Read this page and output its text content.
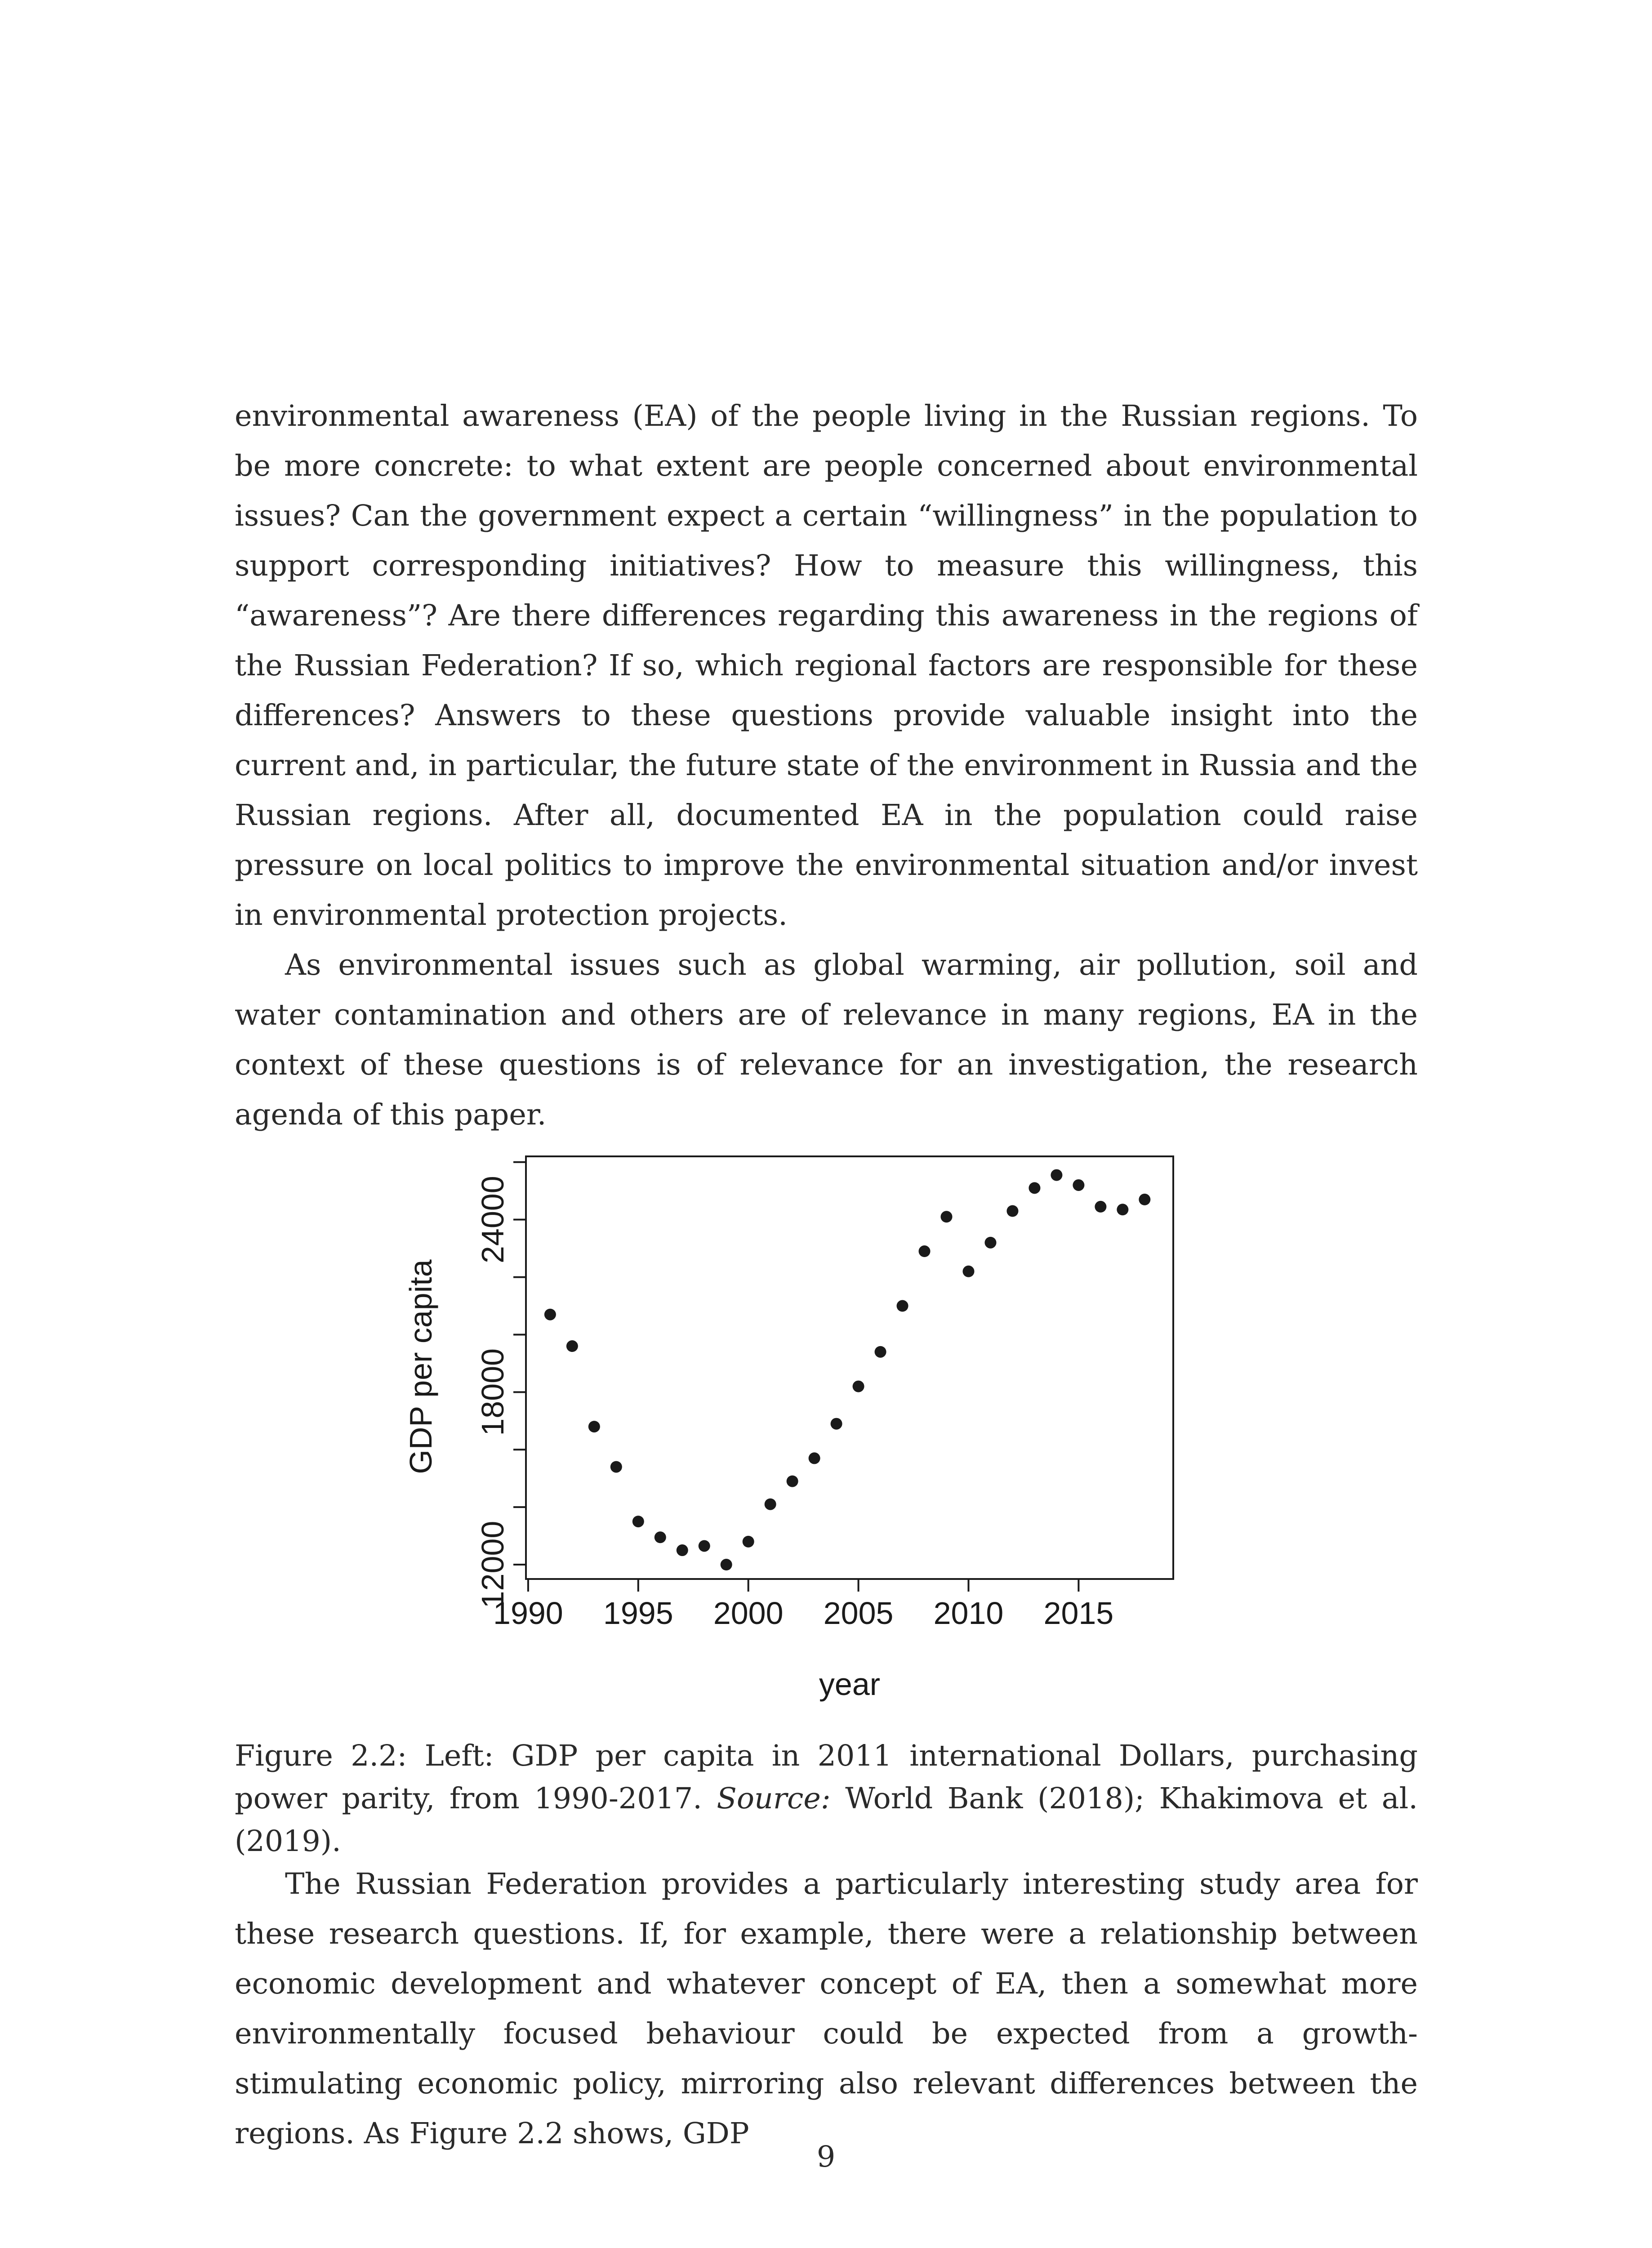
environmental awareness (EA) of the people living in the Russian regions. To be more concrete: to what extent are people concerned about environmental issues? Can the government expect a certain “willingness” in the population to support corresponding initiatives? How to measure this willingness, this “awareness”? Are there differences regarding this awareness in the regions of the Russian Federation? If so, which regional factors are responsible for these differences? Answers to these questions provide valuable insight into the current and, in particular, the future state of the environment in Russia and the Russian regions. After all, documented EA in the population could raise pressure on local politics to improve the environmental situation and/or invest in environmental protection projects.

As environmental issues such as global warming, air pollution, soil and water contamination and others are of relevance in many regions, EA in the context of these questions is of relevance for an investigation, the research agenda of this paper.

1990 1995 2000 2005 2010 2015
12000
18000
24000
year
GDP per capita
Figure 2.2: Left: GDP per capita in 2011 international Dollars, purchasing power parity, from 1990-2017. Source: World Bank (2018); Khakimova et al. (2019).

The Russian Federation provides a particularly interesting study area for these research questions. If, for example, there were a relationship between economic development and whatever concept of EA, then a somewhat more environmentally focused behaviour could be expected from a growth-stimulating economic policy, mirroring also relevant differences between the regions. As Figure 2.2 shows, GDP

9
